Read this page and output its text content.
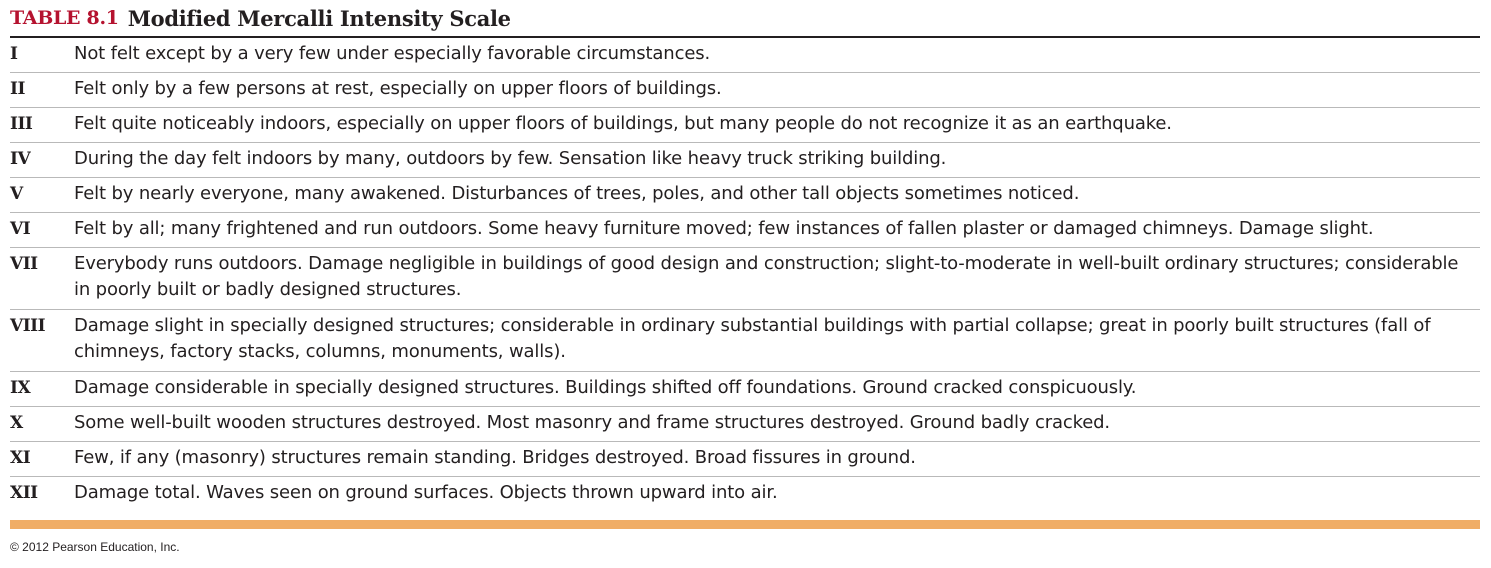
TABLE 8.1 Modified Mercalli Intensity Scale
I	Not felt except by a very few under especially favorable circumstances.
II	Felt only by a few persons at rest, especially on upper floors of buildings.
III	Felt quite noticeably indoors, especially on upper floors of buildings, but many people do not recognize it as an earthquake.
IV	During the day felt indoors by many, outdoors by few. Sensation like heavy truck striking building.
V	Felt by nearly everyone, many awakened. Disturbances of trees, poles, and other tall objects sometimes noticed.
VI	Felt by all; many frightened and run outdoors. Some heavy furniture moved; few instances of fallen plaster or damaged chimneys. Damage slight.
VII	Everybody runs outdoors. Damage negligible in buildings of good design and construction; slight-to-moderate in well-built ordinary structures; considerable in poorly built or badly designed structures.
VIII	Damage slight in specially designed structures; considerable in ordinary substantial buildings with partial collapse; great in poorly built structures (fall of chimneys, factory stacks, columns, monuments, walls).
IX	Damage considerable in specially designed structures. Buildings shifted off foundations. Ground cracked conspicuously.
X	Some well-built wooden structures destroyed. Most masonry and frame structures destroyed. Ground badly cracked.
XI	Few, if any (masonry) structures remain standing. Bridges destroyed. Broad fissures in ground.
XII	Damage total. Waves seen on ground surfaces. Objects thrown upward into air.
© 2012 Pearson Education, Inc.
